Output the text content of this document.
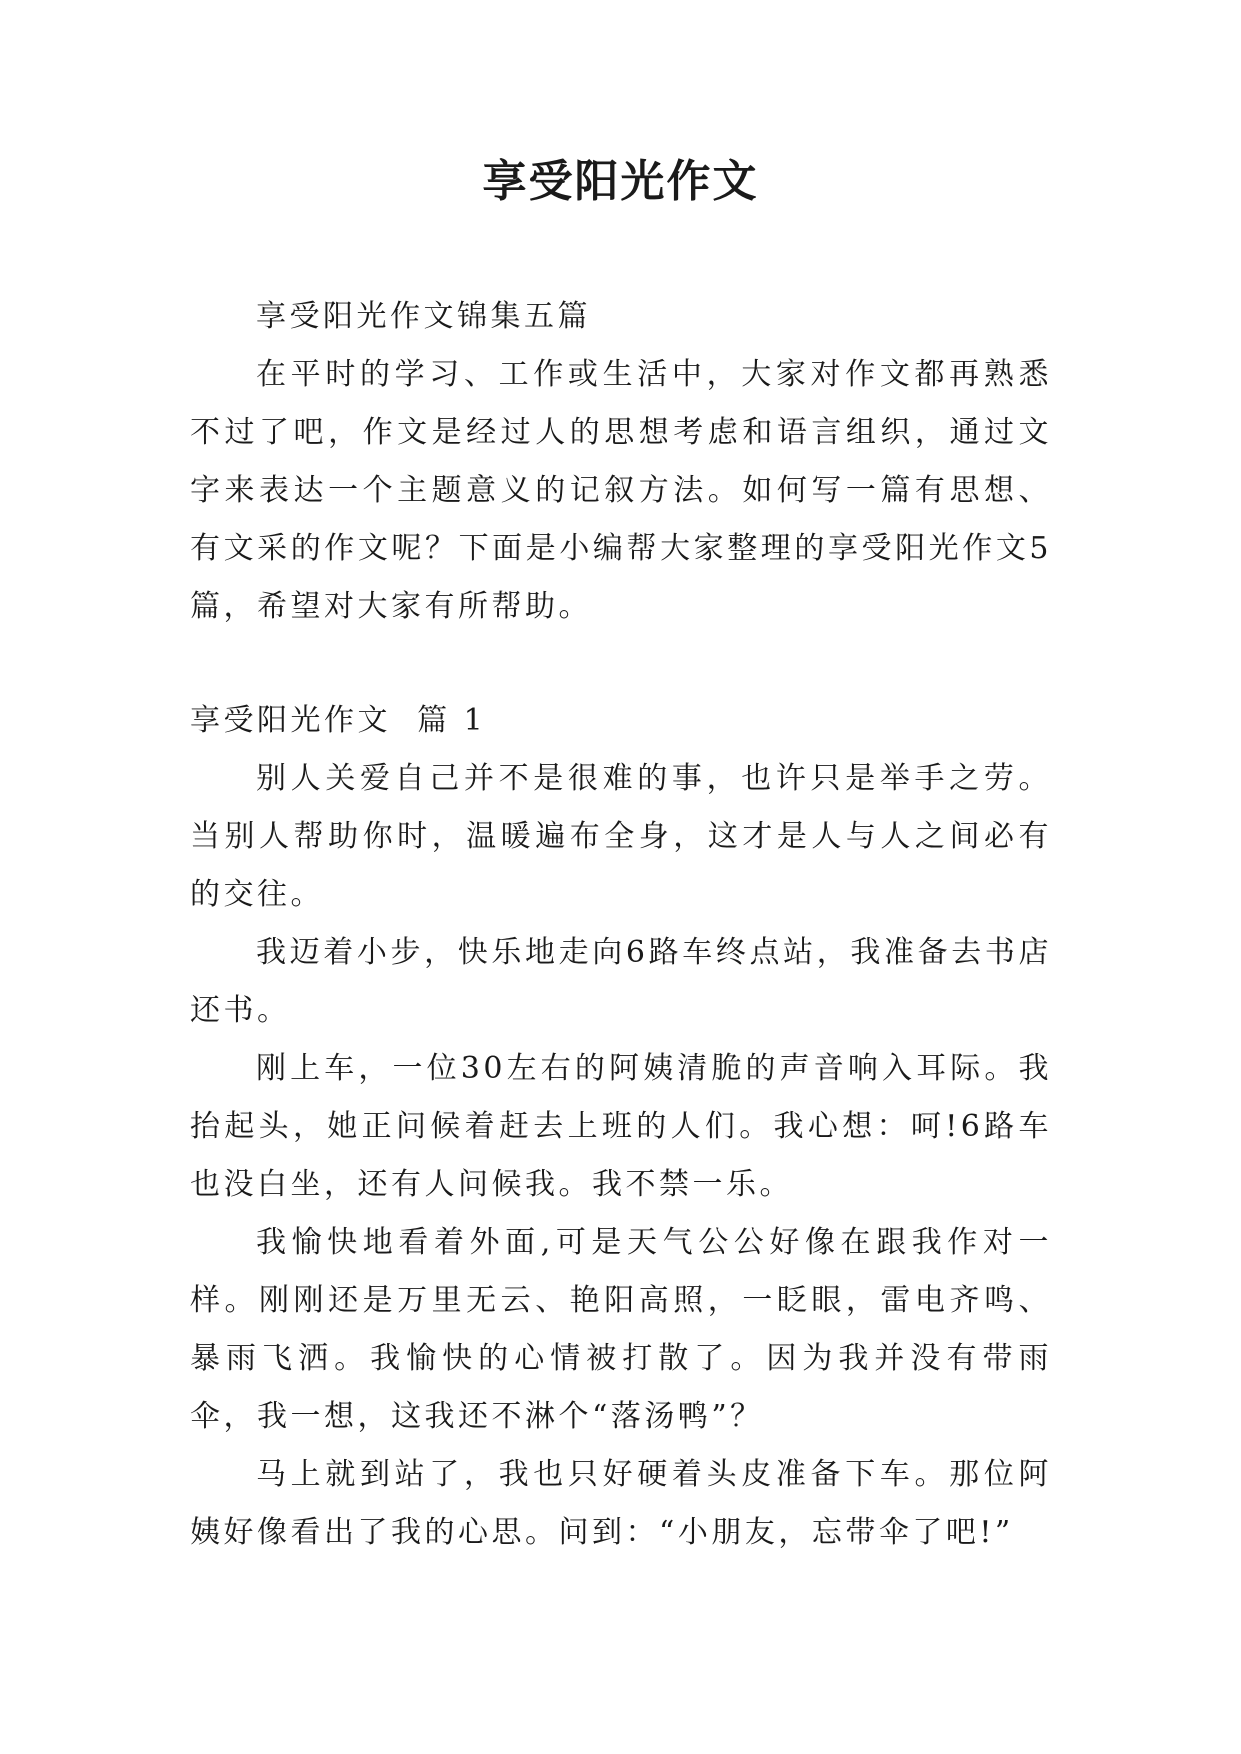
享受阳光作文

享受阳光作文锦集五篇

在平时的学习、工作或生活中，大家对作文都再熟悉不过了吧，作文是经过人的思想考虑和语言组织，通过文字来表达一个主题意义的记叙方法。如何写一篇有思想、有文采的作文呢？下面是小编帮大家整理的享受阳光作文5篇，希望对大家有所帮助。

享受阳光作文  篇 1

别人关爱自己并不是很难的事，也许只是举手之劳。当别人帮助你时，温暖遍布全身，这才是人与人之间必有的交往。

我迈着小步，快乐地走向6路车终点站，我准备去书店还书。

刚上车，一位30左右的阿姨清脆的声音响入耳际。我抬起头，她正问候着赶去上班的人们。我心想：呵!6路车也没白坐，还有人问候我。我不禁一乐。

我愉快地看着外面,可是天气公公好像在跟我作对一样。刚刚还是万里无云、艳阳高照，一眨眼，雷电齐鸣、暴雨飞洒。我愉快的心情被打散了。因为我并没有带雨伞，我一想，这我还不淋个“落汤鸭”？

马上就到站了，我也只好硬着头皮准备下车。那位阿姨好像看出了我的心思。问到：“小朋友，忘带伞了吧!”
